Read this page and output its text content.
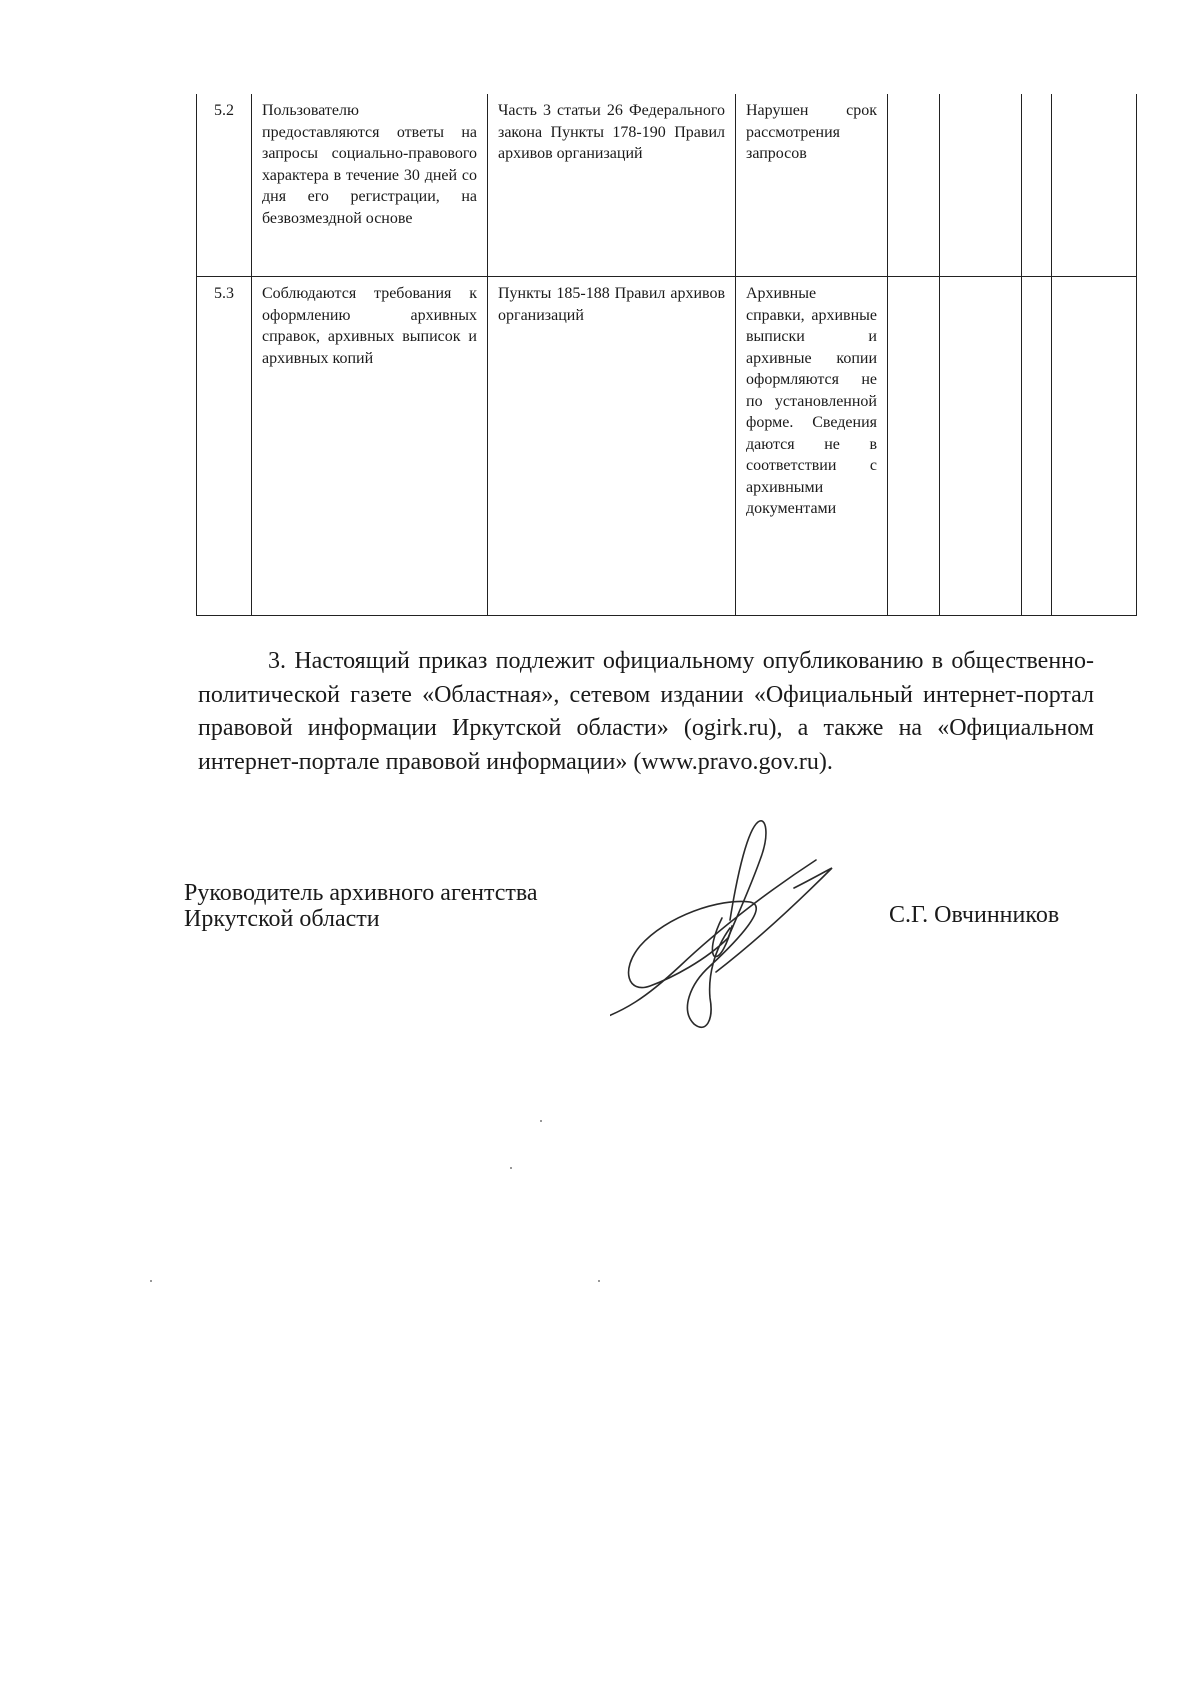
5.2	Пользователю предоставляются ответы на запросы социально-правового характера в течение 30 дней со дня его регистрации, на безвозмездной основе	Часть 3 статьи 26 Федерального закона Пункты 178-190 Правил архивов организаций	Нарушен срок рассмотрения запросов				
5.3	Соблюдаются требования к оформлению архивных справок, архивных выписок и архивных копий	Пункты 185-188 Правил архивов организаций	Архивные справки, архивные выписки и архивные копии оформляются не по установленной форме. Сведения даются не в соответствии с архивными документами				

3. Настоящий приказ подлежит официальному опубликованию в общественно-политической газете «Областная», сетевом издании «Официальный интернет-портал правовой информации Иркутской области» (ogirk.ru), а также на «Официальном интернет-портале правовой информации» (www.pravo.gov.ru).

Руководитель архивного агентства
Иркутской области	С.Г. Овчинников
